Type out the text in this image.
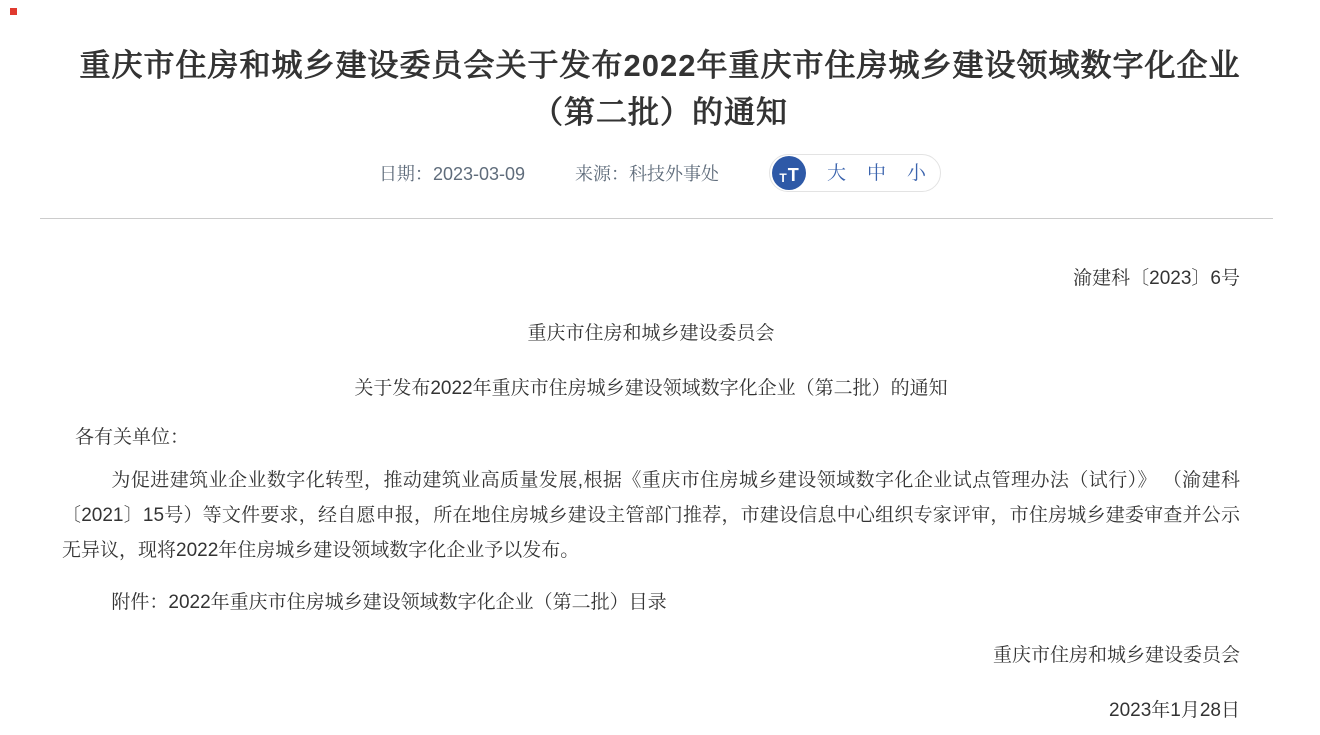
重庆市住房和城乡建设委员会关于发布2022年重庆市住房城乡建设领域数字化企业（第二批）的通知
日期：2023-03-09	来源：科技外事处	T T 大 中 小
渝建科〔2023〕6号
重庆市住房和城乡建设委员会
关于发布2022年重庆市住房城乡建设领域数字化企业（第二批）的通知
各有关单位：

为促进建筑业企业数字化转型，推动建筑业高质量发展,根据《重庆市住房城乡建设领域数字化企业试点管理办法（试行）》 （渝建科〔2021〕15号）等文件要求，经自愿申报，所在地住房城乡建设主管部门推荐，市建设信息中心组织专家评审，市住房城乡建委审查并公示无异议，现将2022年住房城乡建设领域数字化企业予以发布。

附件：2022年重庆市住房城乡建设领域数字化企业（第二批）目录
重庆市住房和城乡建设委员会
2023年1月28日
